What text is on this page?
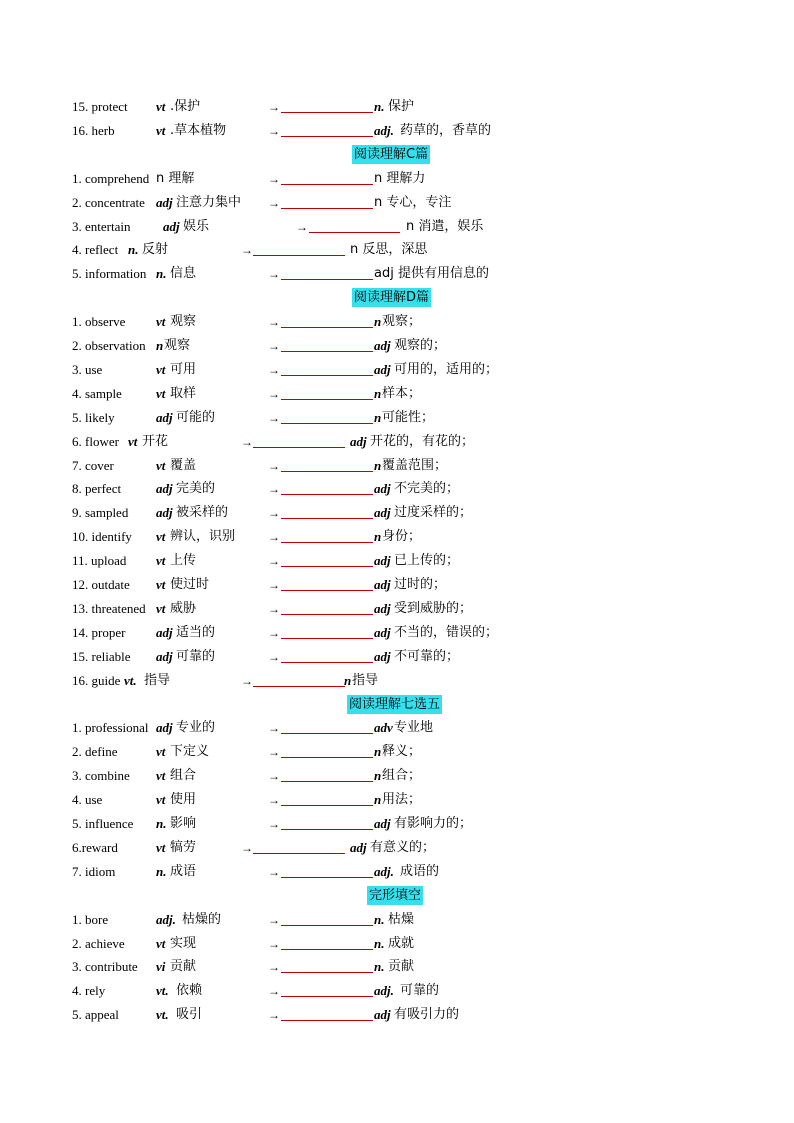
15. protect vt .保护	→	n. 保护
16. herb	vt .草本植物	→	adj. 药草的，香草的
阅读理解C篇
1. comprehend n 理解	→	n 理解力
2. concentrate adj 注意力集中 →	n 专心，专注
3. entertain	adj 娱乐	→	n 消遣，娱乐
4. reflect n. 反射	→	n 反思，深思
5. information n. 信息	→	adj 提供有用信息的
阅读理解D篇
1. observe vt 观察	→	n 观察；
2. observation n 观察	→	adj 观察的；
3. use	vt 可用	→	adj 可用的，适用的；
4. sample	vt 取样	→	n 样本；
5. likely	adj 可能的	→	n 可能性；
6. flower vt 开花	→	adj 开花的，有花的；
7. cover	vt 覆盖	→	n 覆盖范围；
8. perfect	adj 完美的	→	adj 不完美的；
9. sampled adj 被采样的	→	adj 过度采样的；
10. identify vt 辨认，识别	→	n 身份；
11. upload vt 上传	→	adj 已上传的；
12. outdate vt 使过时	→	adj 过时的；
13. threatened vt 威胁	→	adj 受到威胁的；
14. proper adj 适当的	→	adj 不当的，错误的；
15. reliable adj 可靠的	→	adj 不可靠的；
16. guide vt. 指导	→	n 指导
阅读理解七选五
1. professional adj 专业的	→	adv 专业地
2. define	vt 下定义	→	n 释义；
3. combine vt 组合	→	n 组合；
4. use	vt 使用	→	n 用法；
5. influence n. 影响	→	adj 有影响力的；
6.reward	vt 犒劳	→	adj 有意义的；
7. idiom	n. 成语	→	adj. 成语的
完形填空
1. bore	adj. 枯燥的	→	n. 枯燥
2. achieve vt 实现	→	n. 成就
3. contribute vi 贡献	→	n. 贡献
4. rely	vt. 依赖	→	adj. 可靠的
5. appeal	vt. 吸引	→	adj 有吸引力的
